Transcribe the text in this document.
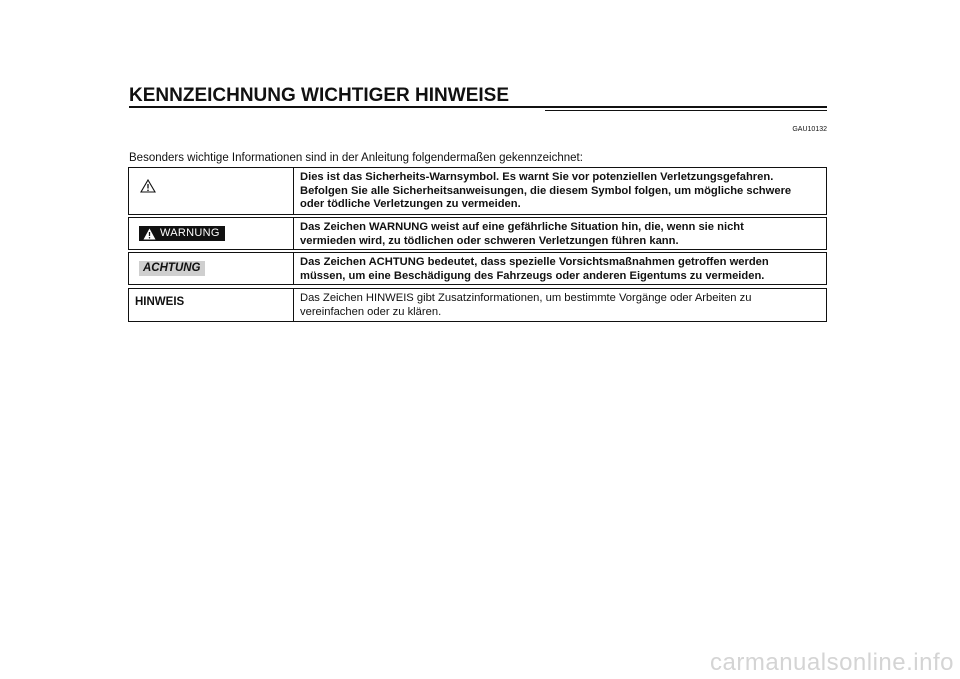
KENNZEICHNUNG WICHTIGER HINWEISE
GAU10132
Besonders wichtige Informationen sind in der Anleitung folgendermaßen gekennzeichnet:
Dies ist das Sicherheits-Warnsymbol. Es warnt Sie vor potenziellen Verletzungsgefahren.
Befolgen Sie alle Sicherheitsanweisungen, die diesem Symbol folgen, um mögliche schwere
oder tödliche Verletzungen zu vermeiden.
WARNUNG	Das Zeichen WARNUNG weist auf eine gefährliche Situation hin, die, wenn sie nicht
vermieden wird, zu tödlichen oder schweren Verletzungen führen kann.
ACHTUNG	Das Zeichen ACHTUNG bedeutet, dass spezielle Vorsichtsmaßnahmen getroffen werden
müssen, um eine Beschädigung des Fahrzeugs oder anderen Eigentums zu vermeiden.
HINWEIS	Das Zeichen HINWEIS gibt Zusatzinformationen, um bestimmte Vorgänge oder Arbeiten zu
vereinfachen oder zu klären.
carmanualsonline.info
